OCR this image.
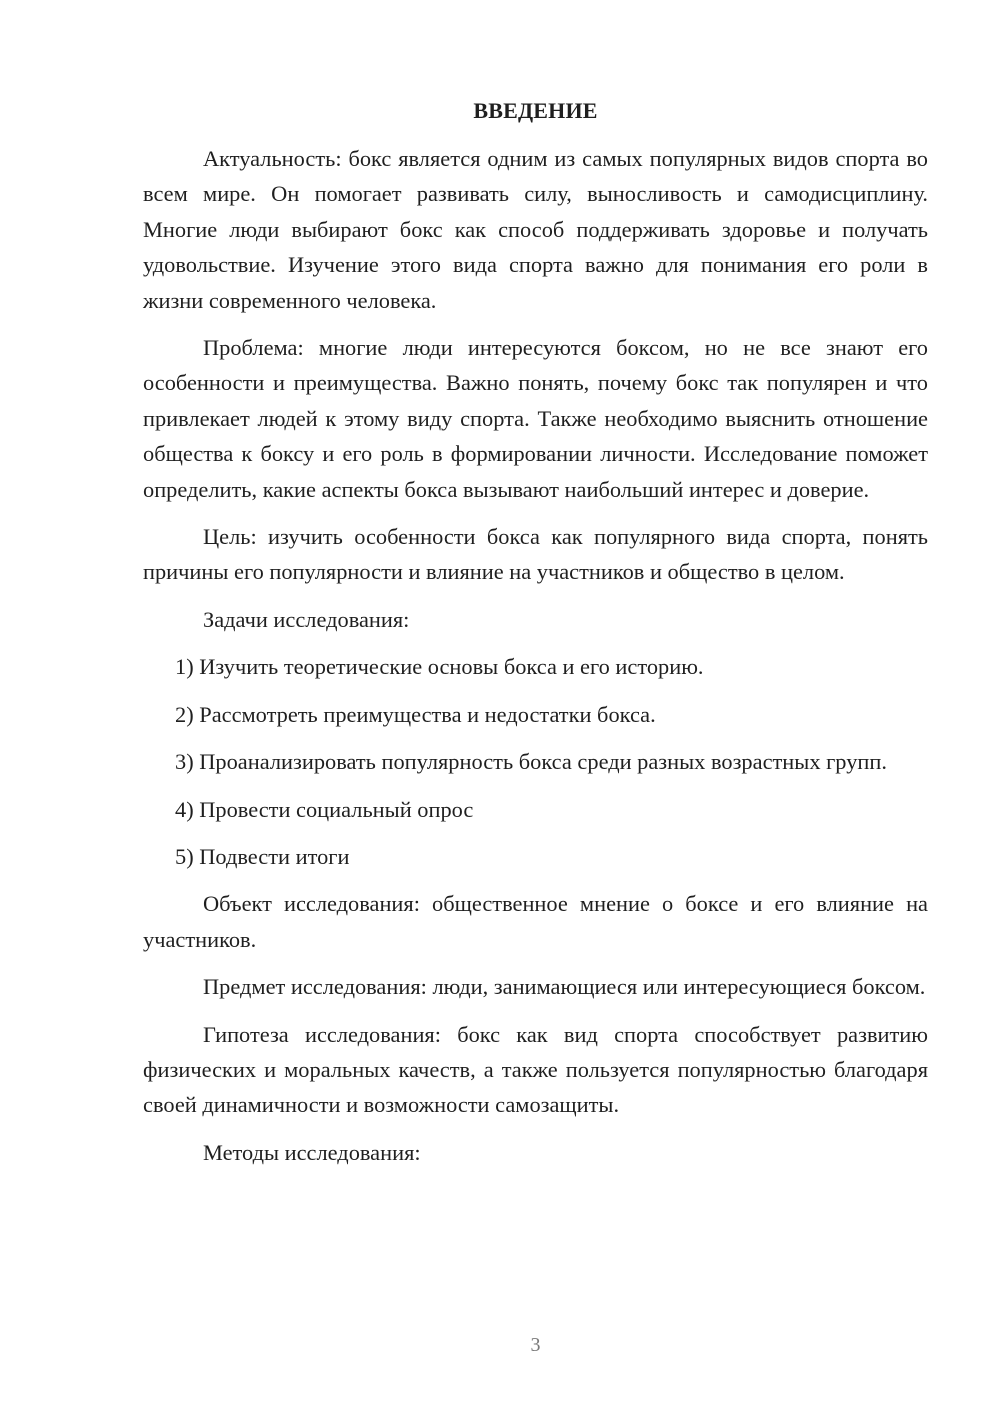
ВВЕДЕНИЕ

Актуальность: бокс является одним из самых популярных видов спорта во всем мире. Он помогает развивать силу, выносливость и самодисциплину. Многие люди выбирают бокс как способ поддерживать здоровье и получать удовольствие. Изучение этого вида спорта важно для понимания его роли в жизни современного человека.

Проблема: многие люди интересуются боксом, но не все знают его особенности и преимущества. Важно понять, почему бокс так популярен и что привлекает людей к этому виду спорта. Также необходимо выяснить отношение общества к боксу и его роль в формировании личности. Исследование поможет определить, какие аспекты бокса вызывают наибольший интерес и доверие.

Цель: изучить особенности бокса как популярного вида спорта, понять причины его популярности и влияние на участников и общество в целом.

Задачи исследования:

1) Изучить теоретические основы бокса и его историю.

2) Рассмотреть преимущества и недостатки бокса.

3) Проанализировать популярность бокса среди разных возрастных групп.

4) Провести социальный опрос

5) Подвести итоги

Объект исследования: общественное мнение о боксе и его влияние на участников.

Предмет исследования: люди, занимающиеся или интересующиеся боксом.

Гипотеза исследования: бокс как вид спорта способствует развитию физических и моральных качеств, а также пользуется популярностью благодаря своей динамичности и возможности самозащиты.

Методы исследования:

3
